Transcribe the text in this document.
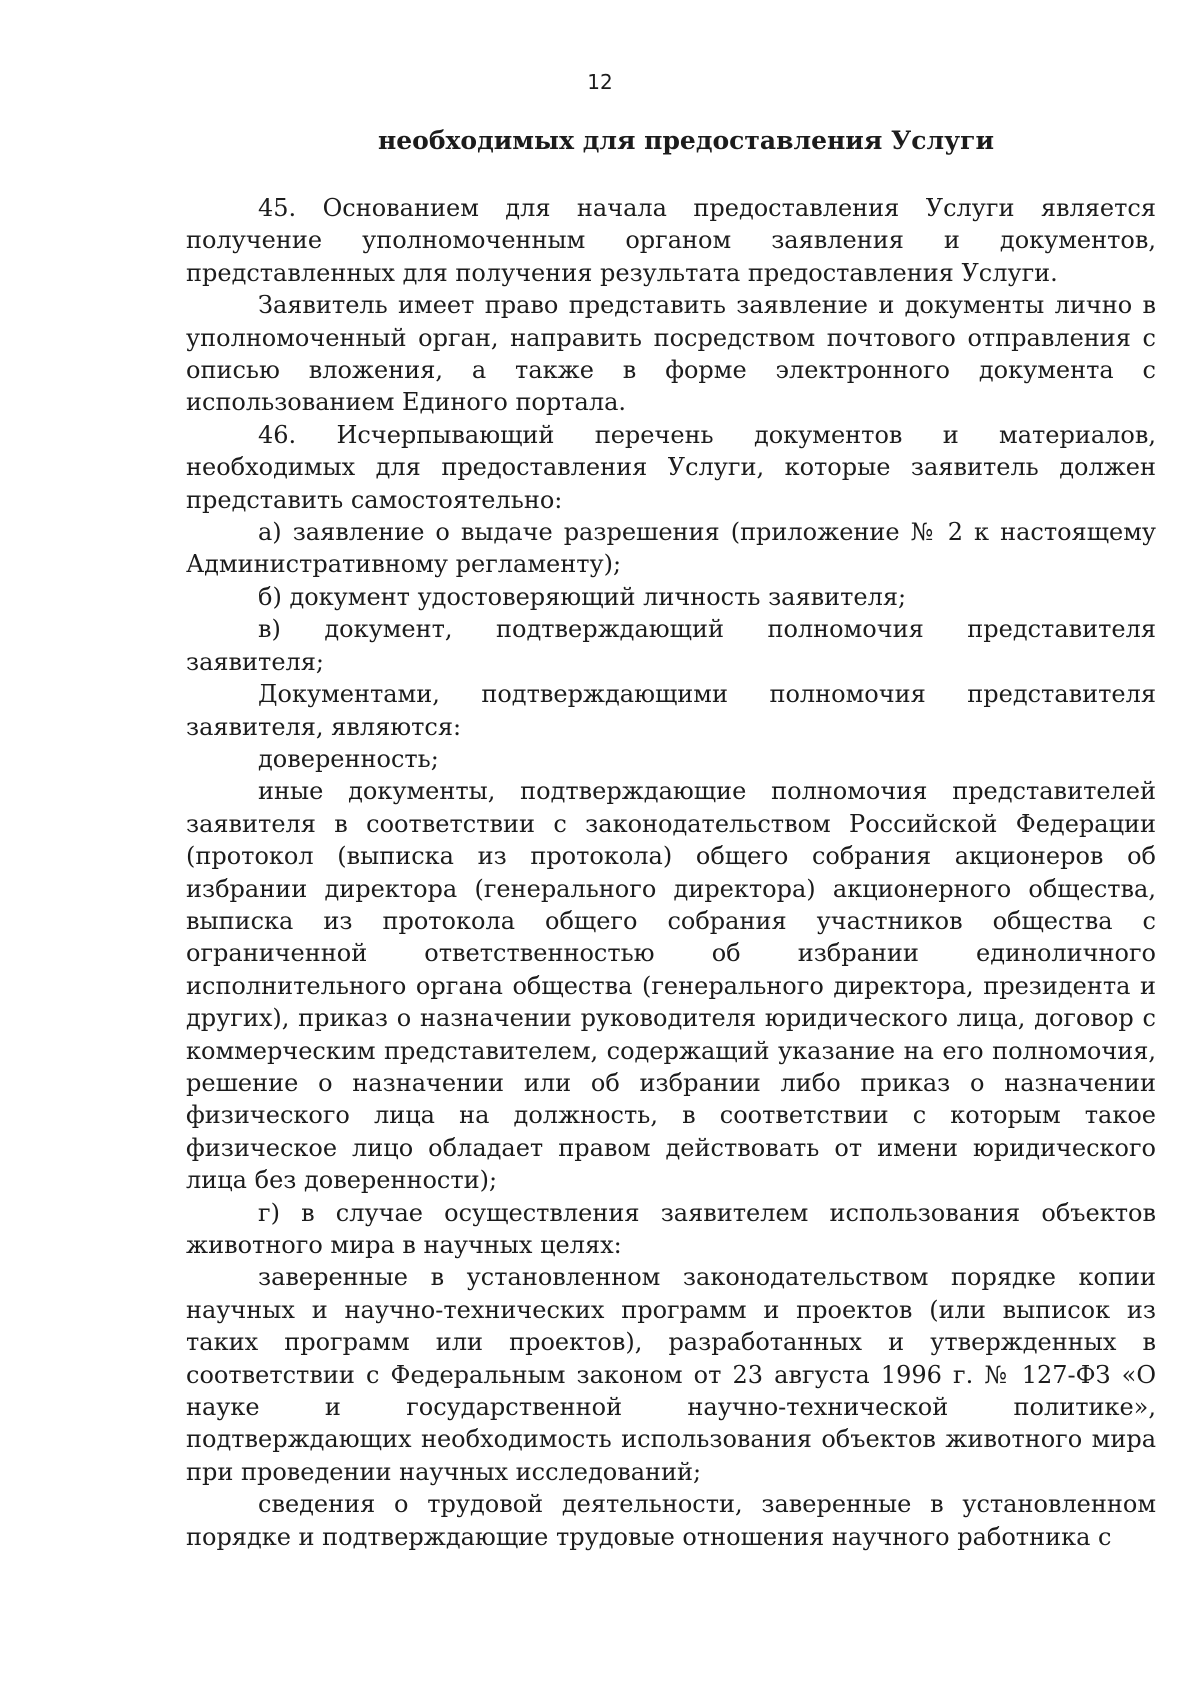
12
необходимых для предоставления Услуги

45. Основанием для начала предоставления Услуги является получение уполномоченным органом заявления и документов, представленных для получения результата предоставления Услуги.

Заявитель имеет право представить заявление и документы лично в уполномоченный орган, направить посредством почтового отправления с описью вложения, а также в форме электронного документа с использованием Единого портала.

46. Исчерпывающий перечень документов и материалов, необходимых для предоставления Услуги, которые заявитель должен представить самостоятельно:

а) заявление о выдаче разрешения (приложение № 2 к настоящему Административному регламенту);

б) документ удостоверяющий личность заявителя;

в) документ, подтверждающий полномочия представителя заявителя;

Документами, подтверждающими полномочия представителя заявителя, являются:

доверенность;

иные документы, подтверждающие полномочия представителей заявителя в соответствии с законодательством Российской Федерации (протокол (выписка из протокола) общего собрания акционеров об избрании директора (генерального директора) акционерного общества, выписка из протокола общего собрания участников общества с ограниченной ответственностью об избрании единоличного исполнительного органа общества (генерального директора, президента и других), приказ о назначении руководителя юридического лица, договор с коммерческим представителем, содержащий указание на его полномочия, решение о назначении или об избрании либо приказ о назначении физического лица на должность, в соответствии с которым такое физическое лицо обладает правом действовать от имени юридического лица без доверенности);

г) в случае осуществления заявителем использования объектов животного мира в научных целях:

заверенные в установленном законодательством порядке копии научных и научно-технических программ и проектов (или выписок из таких программ или проектов), разработанных и утвержденных в соответствии с Федеральным законом от 23 августа 1996 г. № 127-ФЗ «О науке и государственной научно-технической политике», подтверждающих необходимость использования объектов животного мира при проведении научных исследований;

сведения о трудовой деятельности, заверенные в установленном порядке и подтверждающие трудовые отношения научного работника с
